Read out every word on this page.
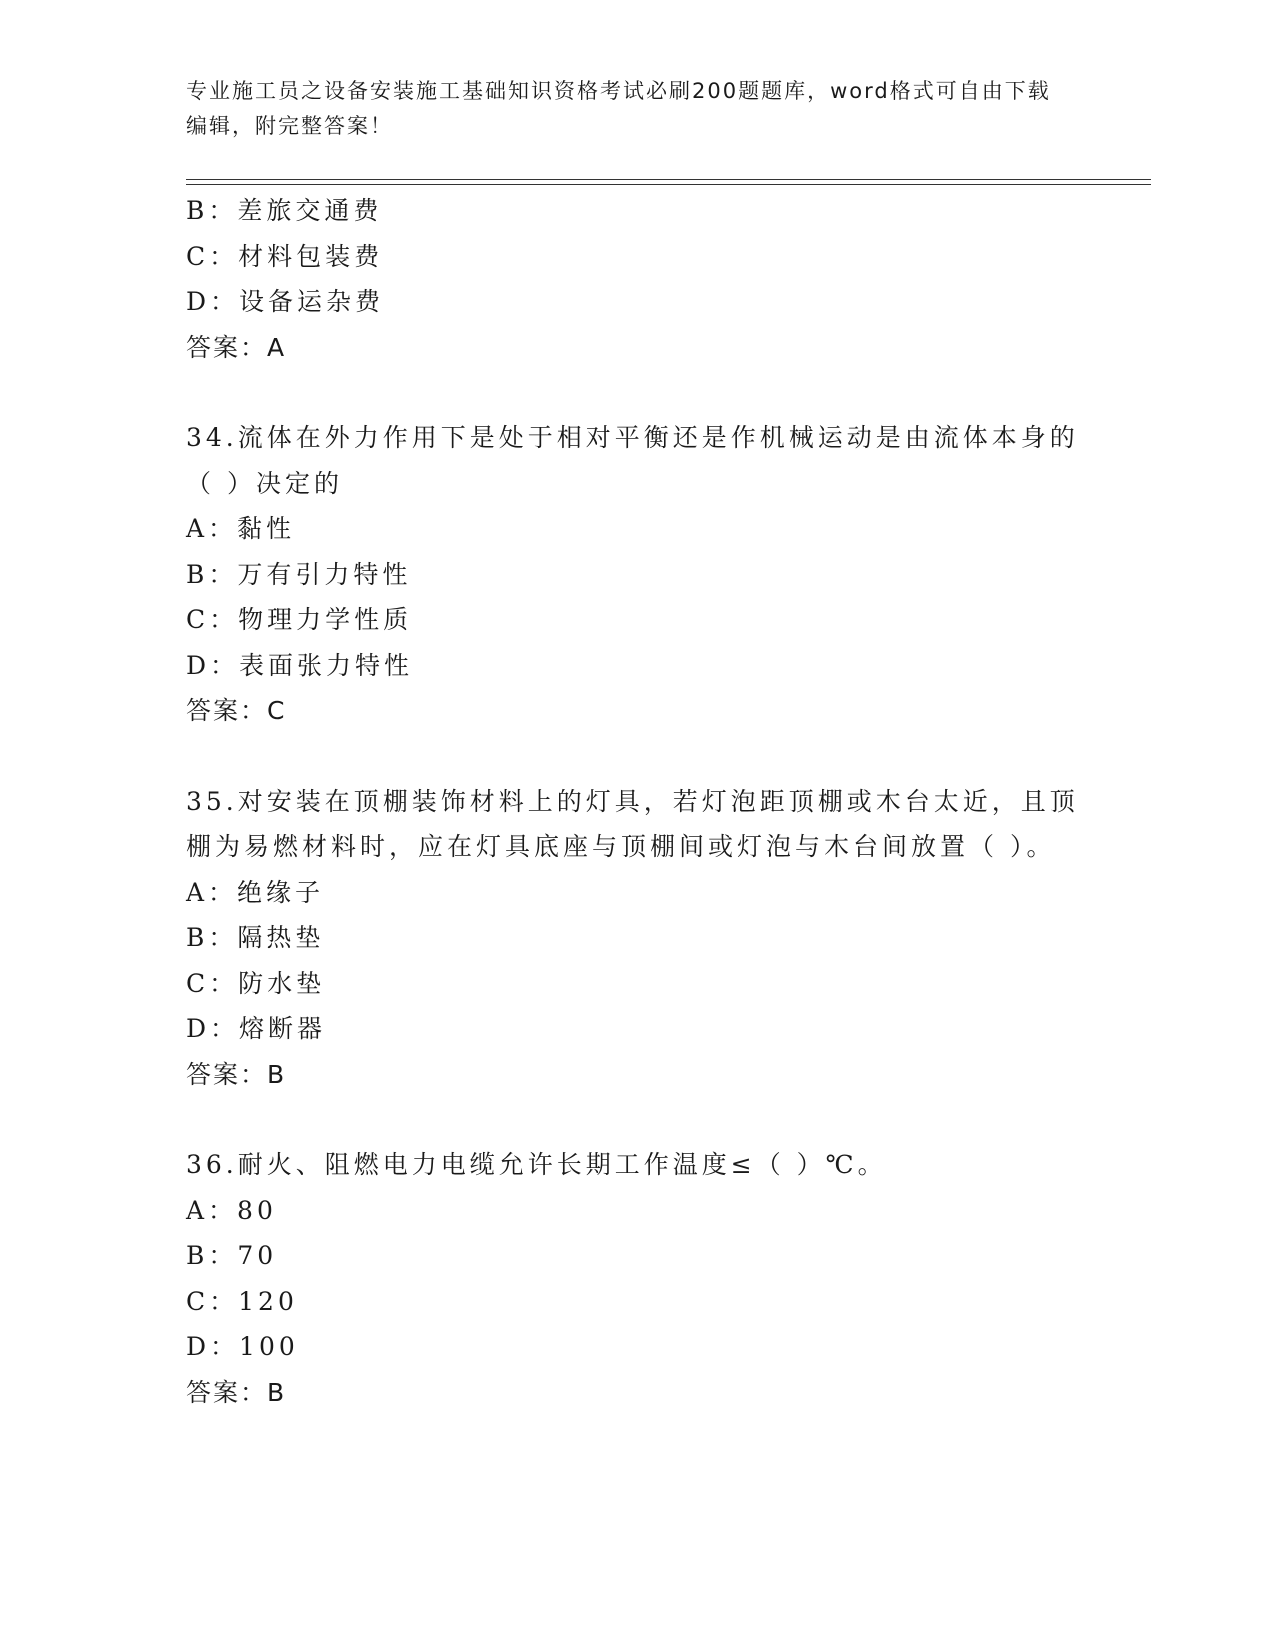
专业施工员之设备安装施工基础知识资格考试必刷200题题库，word格式可自由下载编辑，附完整答案！
B：差旅交通费
C：材料包装费
D：设备运杂费
答案：A
34.流体在外力作用下是处于相对平衡还是作机械运动是由流体本身的
（ ）决定的
A：黏性
B：万有引力特性
C：物理力学性质
D：表面张力特性
答案：C
35.对安装在顶棚装饰材料上的灯具，若灯泡距顶棚或木台太近，且顶
棚为易燃材料时，应在灯具底座与顶棚间或灯泡与木台间放置（ ）。
A：绝缘子
B：隔热垫
C：防水垫
D：熔断器
答案：B
36.耐火、阻燃电力电缆允许长期工作温度≤（ ）℃。
A：80
B：70
C：120
D：100
答案：B
